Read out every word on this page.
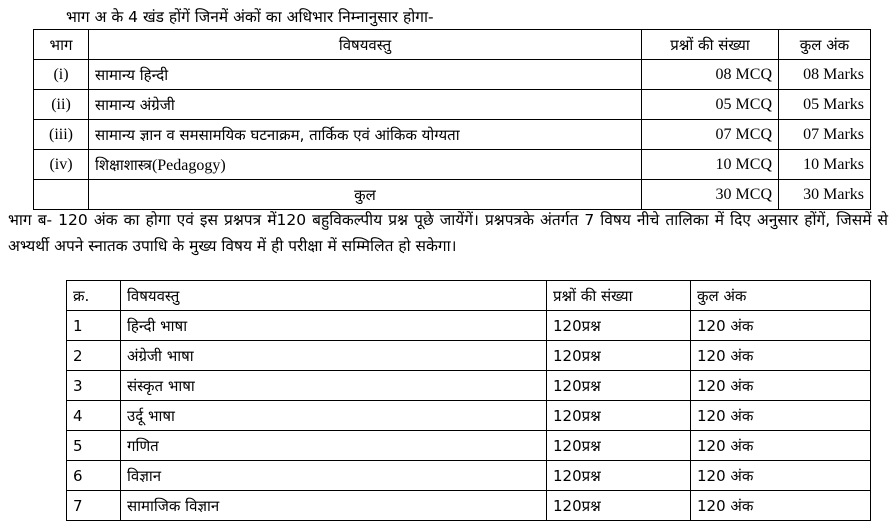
भाग अ के 4 खंड होंगें जिनमें अंकों का अधिभार निम्नानुसार होगा-
भाग	विषयवस्तु	प्रश्नों की संख्या	कुल अंक
(i)	सामान्य हिन्दी	08 MCQ	08 Marks
(ii)	सामान्य अंग्रेजी	05 MCQ	05 Marks
(iii)	सामान्य ज्ञान व समसामयिक घटनाक्रम, तार्किक एवं आंकिक योग्यता	07 MCQ	07 Marks
(iv)	शिक्षाशास्त्र(Pedagogy)	10 MCQ	10 Marks
	कुल	30 MCQ	30 Marks
भाग ब- 120 अंक का होगा एवं इस प्रश्नपत्र में120 बहुविकल्पीय प्रश्न पूछे जायेंगें। प्रश्नपत्रके अंतर्गत 7 विषय नीचे तालिका में दिए अनुसार होंगें, जिसमें से अभ्यर्थी अपने स्नातक उपाधि के मुख्य विषय में ही परीक्षा में सम्मिलित हो सकेगा।
क्र.	विषयवस्तु	प्रश्नों की संख्या	कुल अंक
1	हिन्दी भाषा	120प्रश्न	120 अंक
2	अंग्रेजी भाषा	120प्रश्न	120 अंक
3	संस्कृत भाषा	120प्रश्न	120 अंक
4	उर्दू भाषा	120प्रश्न	120 अंक
5	गणित	120प्रश्न	120 अंक
6	विज्ञान	120प्रश्न	120 अंक
7	सामाजिक विज्ञान	120प्रश्न	120 अंक
